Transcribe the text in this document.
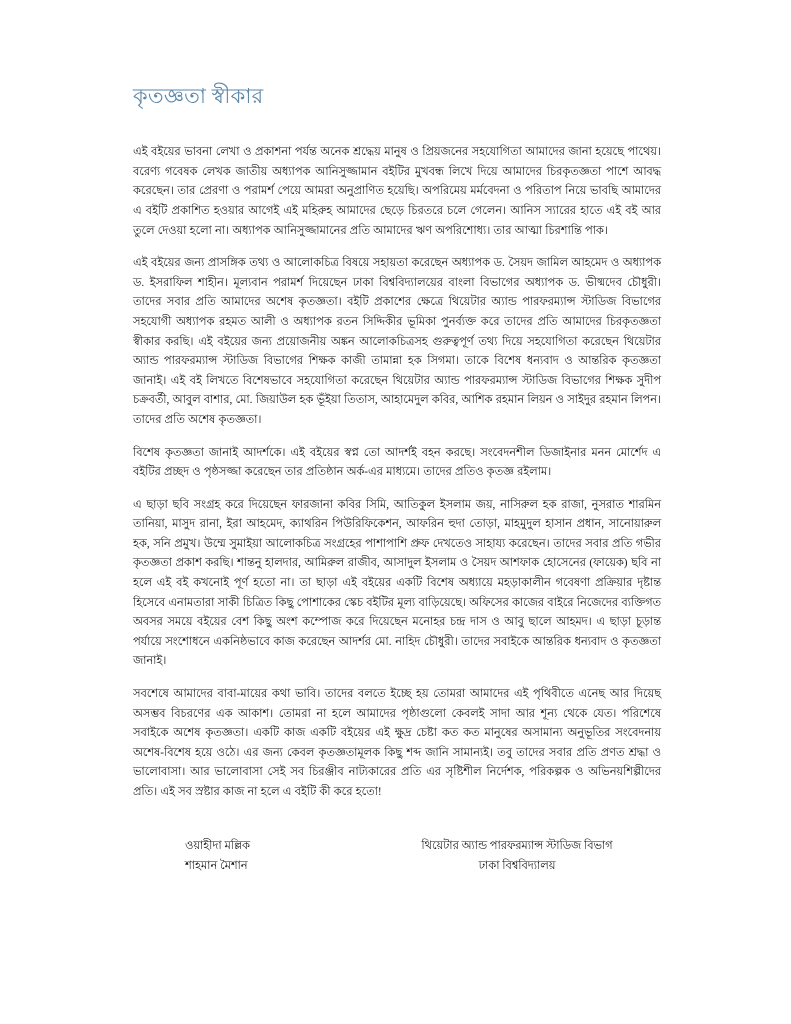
কৃতজ্ঞতা স্বীকার

এই বইয়ের ভাবনা লেখা ও প্রকাশনা পর্যন্ত অনেক শ্রদ্ধেয় মানুষ ও প্রিয়জনের সহযোগিতা আমাদের জানা হয়েছে পাথেয়। বরেণ্য গবেষক লেখক জাতীয় অধ্যাপক আনিসুজ্জামান বইটির মুখবন্ধ লিখে দিয়ে আমাদের চিরকৃতজ্ঞতা পাশে আবদ্ধ করেছেন। তার প্রেরণা ও পরামর্শ পেয়ে আমরা অনুপ্রাণিত হয়েছি। অপরিমেয় মর্মবেদনা ও পরিতাপ নিয়ে ভাবছি আমাদের এ বইটি প্রকাশিত হওয়ার আগেই এই মহিরুহ আমাদের ছেড়ে চিরতরে চলে গেলেন। আনিস স্যারের হাতে এই বই আর তুলে দেওয়া হলো না। অধ্যাপক আনিসুজ্জামানের প্রতি আমাদের ঋণ অপরিশোধ্য। তার আত্মা চিরশান্তি পাক।

এই বইয়ের জন্য প্রাসঙ্গিক তথ্য ও আলোকচিত্র বিষয়ে সহায়তা করেছেন অধ্যাপক ড. সৈয়দ জামিল আহমেদ ও অধ্যাপক ড. ইসরাফিল শাহীন। মূল্যবান পরামর্শ দিয়েছেন ঢাকা বিশ্ববিদ্যালয়ের বাংলা বিভাগের অধ্যাপক ড. ভীষ্মদেব চৌধুরী। তাদের সবার প্রতি আমাদের অশেষ কৃতজ্ঞতা। বইটি প্রকাশের ক্ষেত্রে থিয়েটার অ্যান্ড পারফরম্যান্স স্টাডিজ বিভাগের সহযোগী অধ্যাপক রহমত আলী ও অধ্যাপক রতন সিদ্দিকীর ভূমিকা পুনর্ব্যক্ত করে তাদের প্রতি আমাদের চিরকৃতজ্ঞতা স্বীকার করছি। এই বইয়ের জন্য প্রয়োজনীয় অঙ্কন আলোকচিত্রসহ গুরুত্বপূর্ণ তথ্য দিয়ে সহযোগিতা করেছেন থিয়েটার অ্যান্ড পারফরম্যান্স স্টাডিজ বিভাগের শিক্ষক কাজী তামান্না হক সিগমা। তাকে বিশেষ ধন্যবাদ ও আন্তরিক কৃতজ্ঞতা জানাই। এই বই লিখতে বিশেষভাবে সহযোগিতা করেছেন থিয়েটার অ্যান্ড পারফরম্যান্স স্টাডিজ বিভাগের শিক্ষক সুদীপ চক্রবর্তী, আবুল বাশার, মো. জিয়াউল হক ভূঁইয়া তিতাস, আহামেদুল কবির, আশিক রহমান লিয়ন ও সাইদুর রহমান লিপন। তাদের প্রতি অশেষ কৃতজ্ঞতা।

বিশেষ কৃতজ্ঞতা জানাই আদর্শকে। এই বইয়ের স্বপ্ন তো আদর্শই বহন করছে। সংবেদনশীল ডিজাইনার মনন মোর্শেদ এ বইটির প্রচ্ছদ ও পৃষ্ঠসজ্জা করেছেন তার প্রতিষ্ঠান অর্ক-এর মাধ্যমে। তাদের প্রতিও কৃতজ্ঞ রইলাম।

এ ছাড়া ছবি সংগ্রহ করে দিয়েছেন ফারজানা কবির সিমি, আতিকুল ইসলাম জয়, নাসিরুল হক রাজা, নুসরাত শারমিন তানিয়া, মাসুদ রানা, ইরা আহমেদ, ক্যাথরিন পিউরিফিকেশন, আফরিন হুদা তোড়া, মাহমুদুল হাসান প্রধান, সানোয়ারুল হক, সনি প্রমুখ। উম্মে সুমাইয়া আলোকচিত্র সংগ্রহের পাশাপাশি প্রুফ দেখতেও সাহায্য করেছেন। তাদের সবার প্রতি গভীর কৃতজ্ঞতা প্রকাশ করছি। শান্তনু হালদার, আমিরুল রাজীব, আসাদুল ইসলাম ও সৈয়দ আশফাক হোসেনের (ফায়েক) ছবি না হলে এই বই কখনোই পূর্ণ হতো না। তা ছাড়া এই বইয়ের একটি বিশেষ অধ্যায়ে মহড়াকালীন গবেষণা প্রক্রিয়ার দৃষ্টান্ত হিসেবে এনামতারা সাকী চিত্রিত কিছু পোশাকের স্কেচ বইটির মূল্য বাড়িয়েছে। অফিসের কাজের বাইরে নিজেদের ব্যক্তিগত অবসর সময়ে বইয়ের বেশ কিছু অংশ কম্পোজ করে দিয়েছেন মনোহর চন্দ্র দাস ও আবু ছালে আহমদ। এ ছাড়া চূড়ান্ত পর্যায়ে সংশোধনে একনিষ্ঠভাবে কাজ করেছেন আদর্শর মো. নাহিদ চৌধুরী। তাদের সবাইকে আন্তরিক ধন্যবাদ ও কৃতজ্ঞতা জানাই।

সবশেষে আমাদের বাবা-মায়ের কথা ভাবি। তাদের বলতে ইচ্ছে হয় তোমরা আমাদের এই পৃথিবীতে এনেছ আর দিয়েছ অসম্ভব বিচরণের এক আকাশ। তোমরা না হলে আমাদের পৃষ্ঠাগুলো কেবলই সাদা আর শূন্য থেকে যেত। পরিশেষে সবাইকে অশেষ কৃতজ্ঞতা। একটি কাজ একটি বইয়ের এই ক্ষুদ্র চেষ্টা কত কত মানুষের অসামান্য অনুভূতির সংবেদনায় অশেষ-বিশেষ হয়ে ওঠে। এর জন্য কেবল কৃতজ্ঞতামূলক কিছু শব্দ জানি সামান্যই। তবু তাদের সবার প্রতি প্রণত শ্রদ্ধা ও ভালোবাসা। আর ভালোবাসা সেই সব চিরঞ্জীব নাট্যকারের প্রতি এর সৃষ্টিশীল নির্দেশক, পরিকল্পক ও অভিনয়শিল্পীদের প্রতি। এই সব স্রষ্টার কাজ না হলে এ বইটি কী করে হতো!

ওয়াহীদা মল্লিক
শাহমান মৈশান
থিয়েটার অ্যান্ড পারফরম্যান্স স্টাডিজ বিভাগ
ঢাকা বিশ্ববিদ্যালয়
